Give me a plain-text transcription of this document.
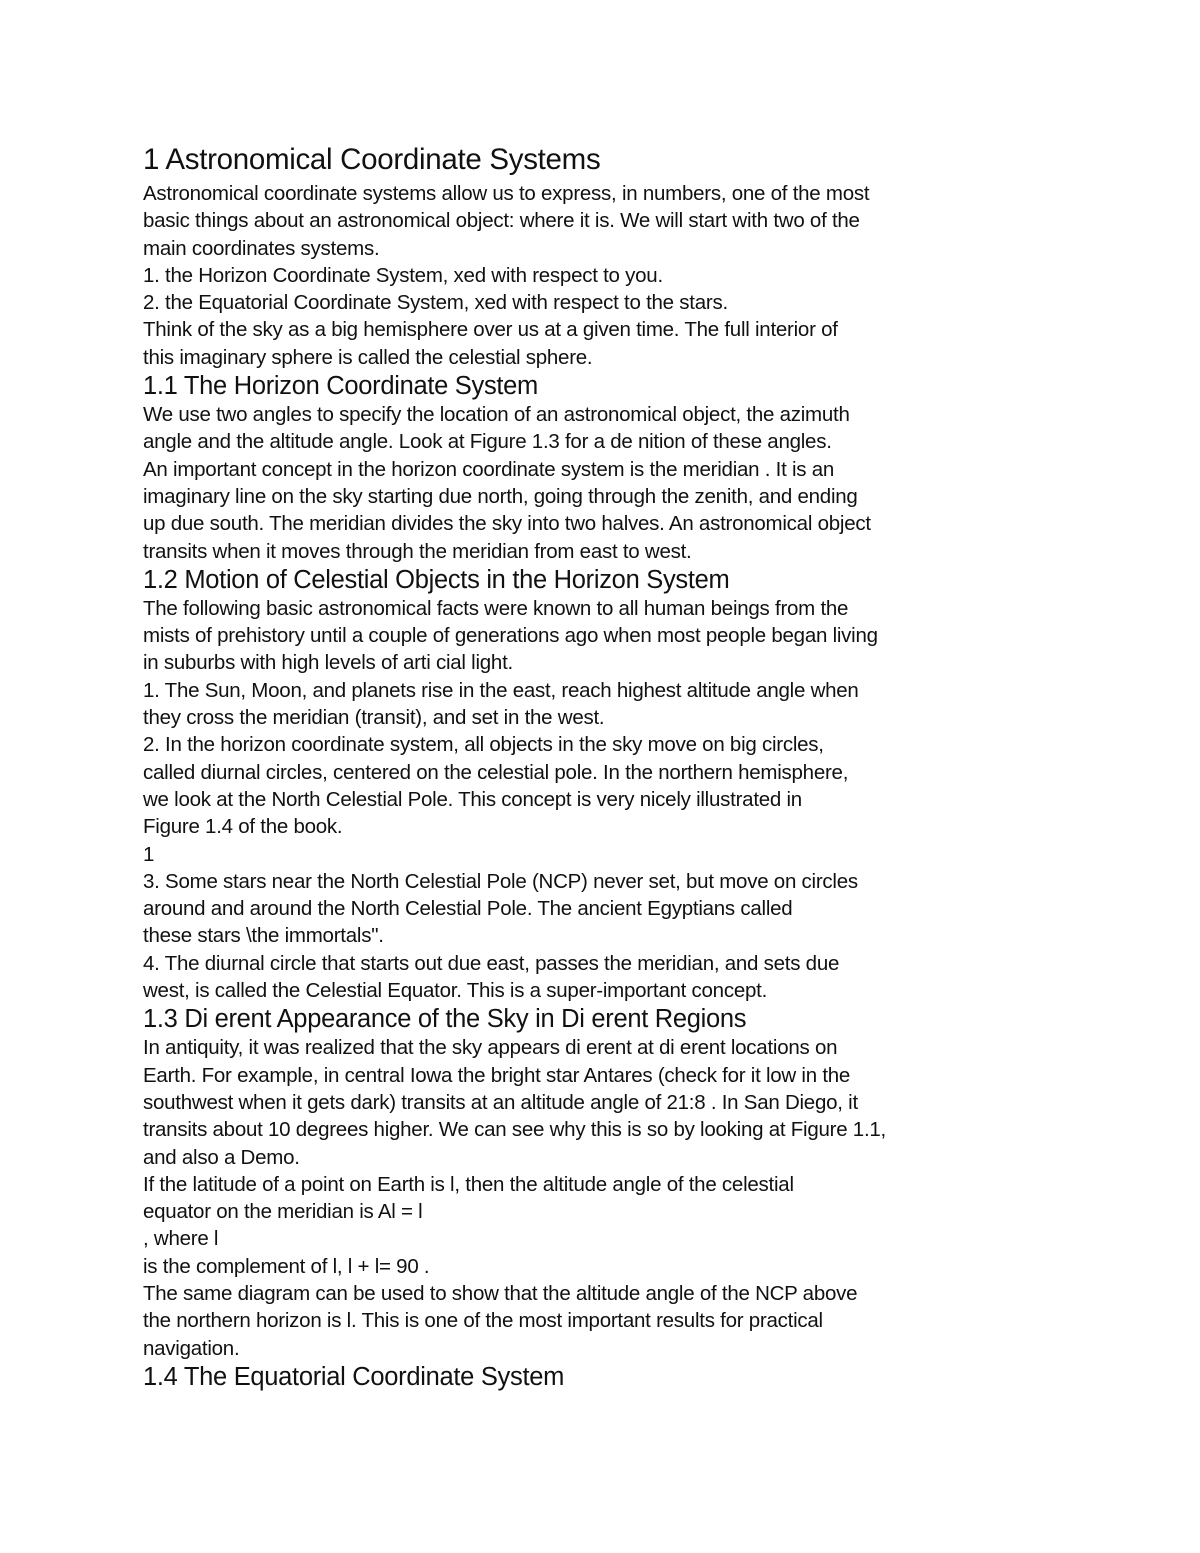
1 Astronomical Coordinate Systems

Astronomical coordinate systems allow us to express, in numbers, one of the most

basic things about an astronomical object: where it is. We will start with two of the

main coordinates systems.

1. the Horizon Coordinate System, xed with respect to you.

2. the Equatorial Coordinate System, xed with respect to the stars.

Think of the sky as a big hemisphere over us at a given time. The full interior of

this imaginary sphere is called the celestial sphere.

1.1 The Horizon Coordinate System

We use two angles to specify the location of an astronomical object, the azimuth

angle and the altitude angle. Look at Figure 1.3 for a de nition of these angles.

An important concept in the horizon coordinate system is the meridian . It is an

imaginary line on the sky starting due north, going through the zenith, and ending

up due south. The meridian divides the sky into two halves. An astronomical object

transits when it moves through the meridian from east to west.

1.2 Motion of Celestial Objects in the Horizon System

The following basic astronomical facts were known to all human beings from the

mists of prehistory until a couple of generations ago when most people began living

in suburbs with high levels of arti cial light.

1. The Sun, Moon, and planets rise in the east, reach highest altitude angle when

they cross the meridian (transit), and set in the west.

2. In the horizon coordinate system, all objects in the sky move on big circles,

called diurnal circles, centered on the celestial pole. In the northern hemisphere,

we look at the North Celestial Pole. This concept is very nicely illustrated in

Figure 1.4 of the book.

1

3. Some stars near the North Celestial Pole (NCP) never set, but move on circles

around and around the North Celestial Pole. The ancient Egyptians called

these stars \the immortals".

4. The diurnal circle that starts out due east, passes the meridian, and sets due

west, is called the Celestial Equator. This is a super-important concept.

1.3 Di erent Appearance of the Sky in Di erent Regions

In antiquity, it was realized that the sky appears di erent at di erent locations on

Earth. For example, in central Iowa the bright star Antares (check for it low in the

southwest when it gets dark) transits at an altitude angle of 21:8 . In San Diego, it

transits about 10 degrees higher. We can see why this is so by looking at Figure 1.1,

and also a Demo.

If the latitude of a point on Earth is l, then the altitude angle of the celestial

equator on the meridian is Al = l

, where l

is the complement of l, l + l= 90 .

The same diagram can be used to show that the altitude angle of the NCP above

the northern horizon is l. This is one of the most important results for practical

navigation.

1.4 The Equatorial Coordinate System
